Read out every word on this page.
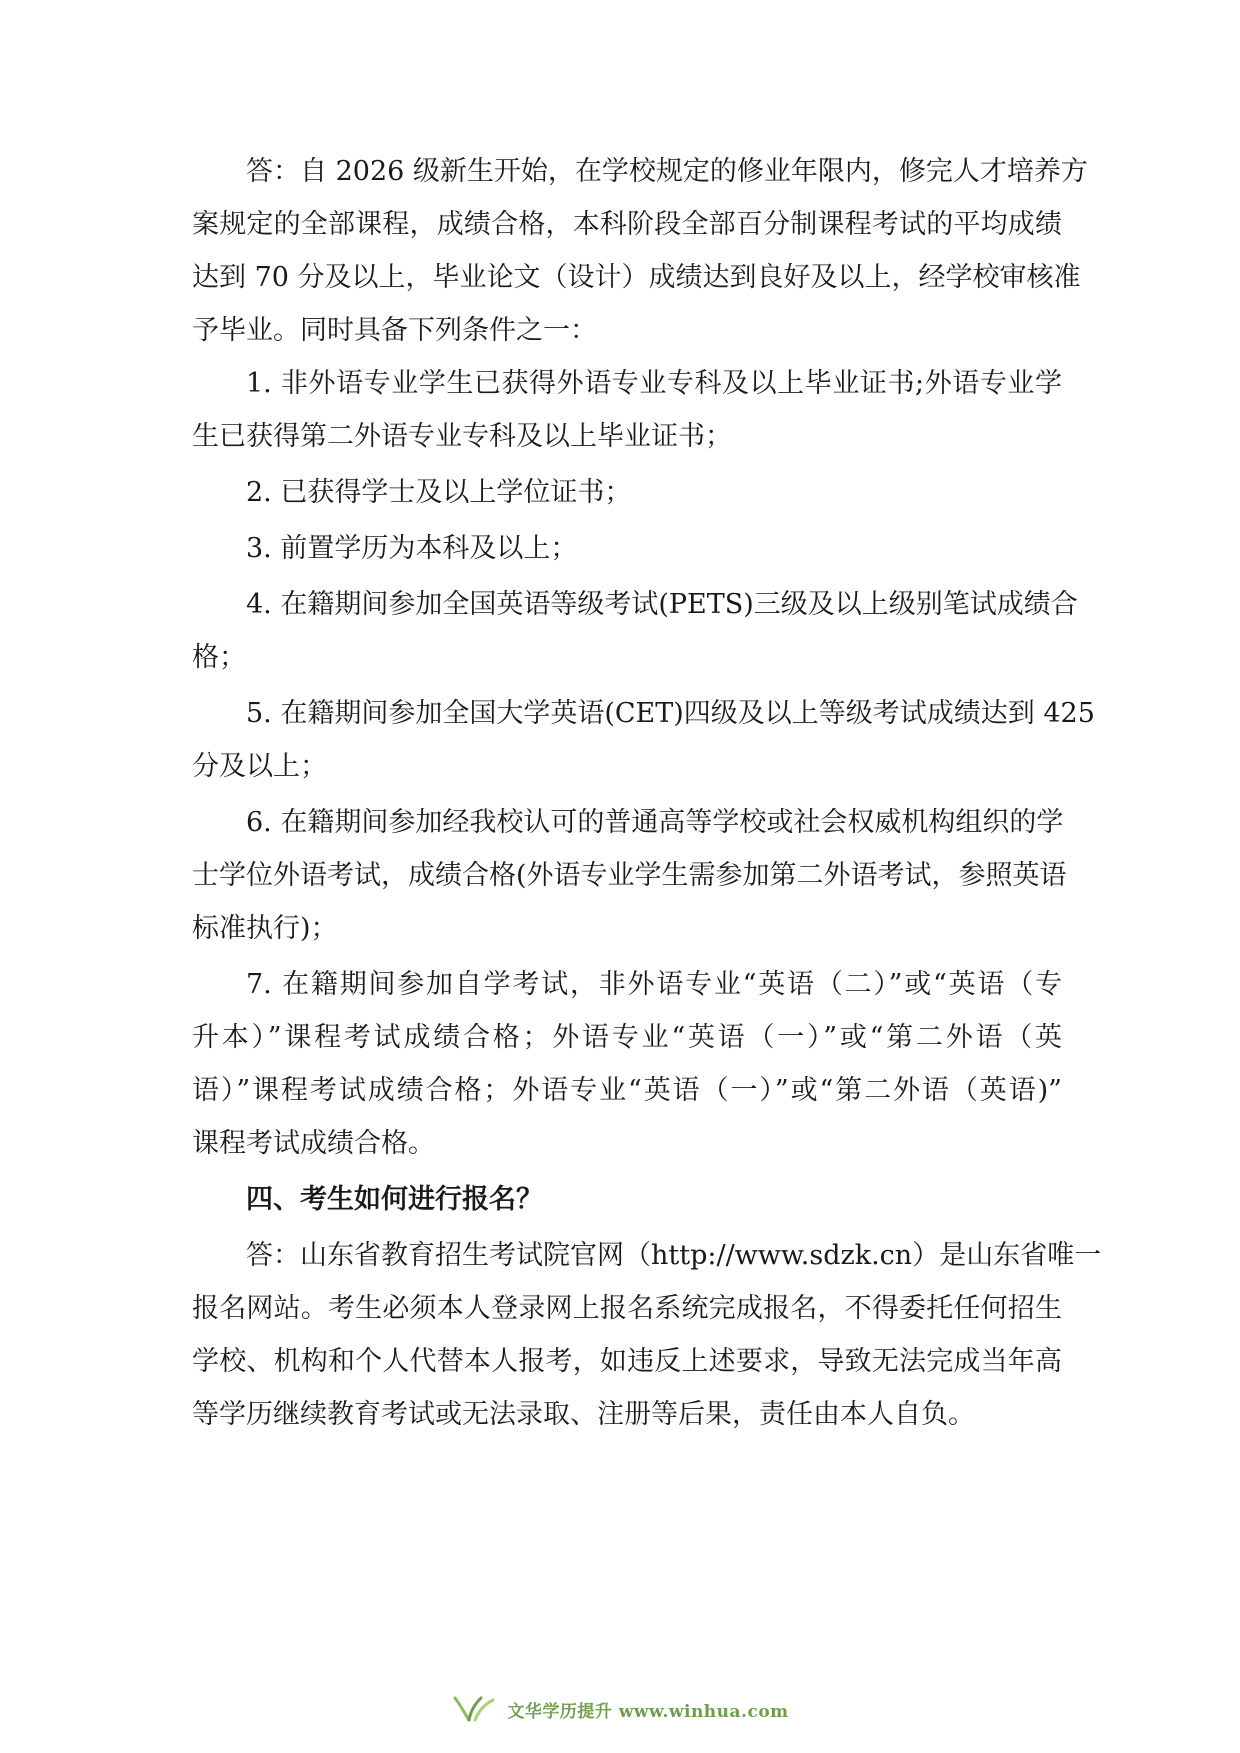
答：自 2026 级新生开始，在学校规定的修业年限内，修完人才培养方
案规定的全部课程，成绩合格，本科阶段全部百分制课程考试的平均成绩
达到 70 分及以上，毕业论文（设计）成绩达到良好及以上，经学校审核准
予毕业。同时具备下列条件之一：
1. 非外语专业学生已获得外语专业专科及以上毕业证书;外语专业学
生已获得第二外语专业专科及以上毕业证书；
2. 已获得学士及以上学位证书；
3. 前置学历为本科及以上；
4. 在籍期间参加全国英语等级考试(PETS)三级及以上级别笔试成绩合
格；
5. 在籍期间参加全国大学英语(CET)四级及以上等级考试成绩达到 425
分及以上；
6. 在籍期间参加经我校认可的普通高等学校或社会权威机构组织的学
士学位外语考试，成绩合格(外语专业学生需参加第二外语考试，参照英语
标准执行)；
7. 在籍期间参加自学考试，非外语专业“英语（二）”或“英语（专
升本）”课程考试成绩合格；外语专业“英语（一）”或“第二外语（英
语）”课程考试成绩合格；外语专业“英语（一）”或“第二外语（英语)”
课程考试成绩合格。
四、考生如何进行报名？
答：山东省教育招生考试院官网（http://www.sdzk.cn）是山东省唯一
报名网站。考生必须本人登录网上报名系统完成报名，不得委托任何招生
学校、机构和个人代替本人报考，如违反上述要求，导致无法完成当年高
等学历继续教育考试或无法录取、注册等后果，责任由本人自负。
文华学历提升 www.winhua.com
